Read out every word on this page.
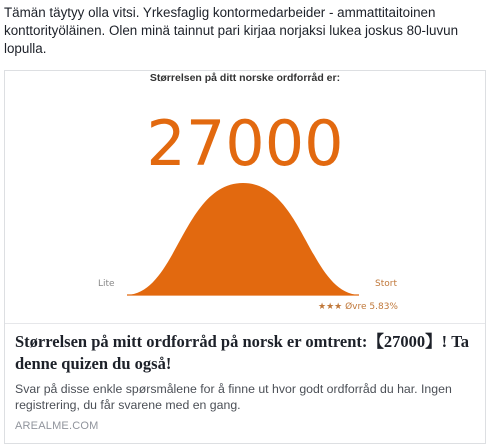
Tämän täytyy olla vitsi. Yrkesfaglig kontormedarbeider - ammattitaitoinen konttorityöläinen. Olen minä tainnut pari kirjaa norjaksi lukea joskus 80-luvun lopulla.
Størrelsen på ditt norske ordforråd er:
27000
Lite	Stort
★★★ Øvre 5.83%
Størrelsen på mitt ordforråd på norsk er omtrent:【27000】! Ta denne quizen du også!
Svar på disse enkle spørsmålene for å finne ut hvor godt ordforråd du har. Ingen registrering, du får svarene med en gang.
AREALME.COM
